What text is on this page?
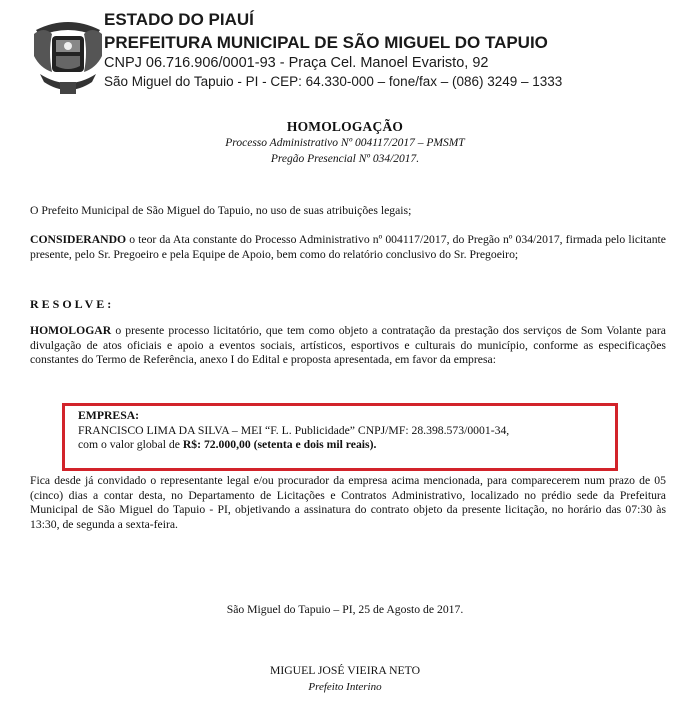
ESTADO DO PIAUÍ
PREFEITURA MUNICIPAL DE SÃO MIGUEL DO TAPUIO
CNPJ 06.716.906/0001-93 - Praça Cel. Manoel Evaristo, 92
São Miguel do Tapuio - PI - CEP: 64.330-000 – fone/fax – (086) 3249 – 1333
HOMOLOGAÇÃO
Processo Administrativo Nº 004117/2017 – PMSMT
Pregão Presencial Nº 034/2017.
O Prefeito Municipal de São Miguel do Tapuio, no uso de suas atribuições legais;
CONSIDERANDO o teor da Ata constante do Processo Administrativo nº 004117/2017, do Pregão nº 034/2017, firmada pelo licitante presente, pelo Sr. Pregoeiro e pela Equipe de Apoio, bem como do relatório conclusivo do Sr. Pregoeiro;
RESOLVE:
HOMOLOGAR o presente processo licitatório, que tem como objeto a contratação da prestação dos serviços de Som Volante para divulgação de atos oficiais e apoio a eventos sociais, artísticos, esportivos e culturais do município, conforme as especificações constantes do Termo de Referência, anexo I do Edital e proposta apresentada, em favor da empresa:
EMPRESA:
FRANCISCO LIMA DA SILVA – MEI “F. L. Publicidade” CNPJ/MF: 28.398.573/0001-34,
com o valor global de R$: 72.000,00 (setenta e dois mil reais).
Fica desde já convidado o representante legal e/ou procurador da empresa acima mencionada, para comparecerem num prazo de 05 (cinco) dias a contar desta, no Departamento de Licitações e Contratos Administrativo, localizado no prédio sede da Prefeitura Municipal de São Miguel do Tapuio - PI, objetivando a assinatura do contrato objeto da presente licitação, no horário das 07:30 às 13:30, de segunda a sexta-feira.
São Miguel do Tapuio – PI, 25 de Agosto de 2017.
MIGUEL JOSÉ VIEIRA NETO
Prefeito Interino
